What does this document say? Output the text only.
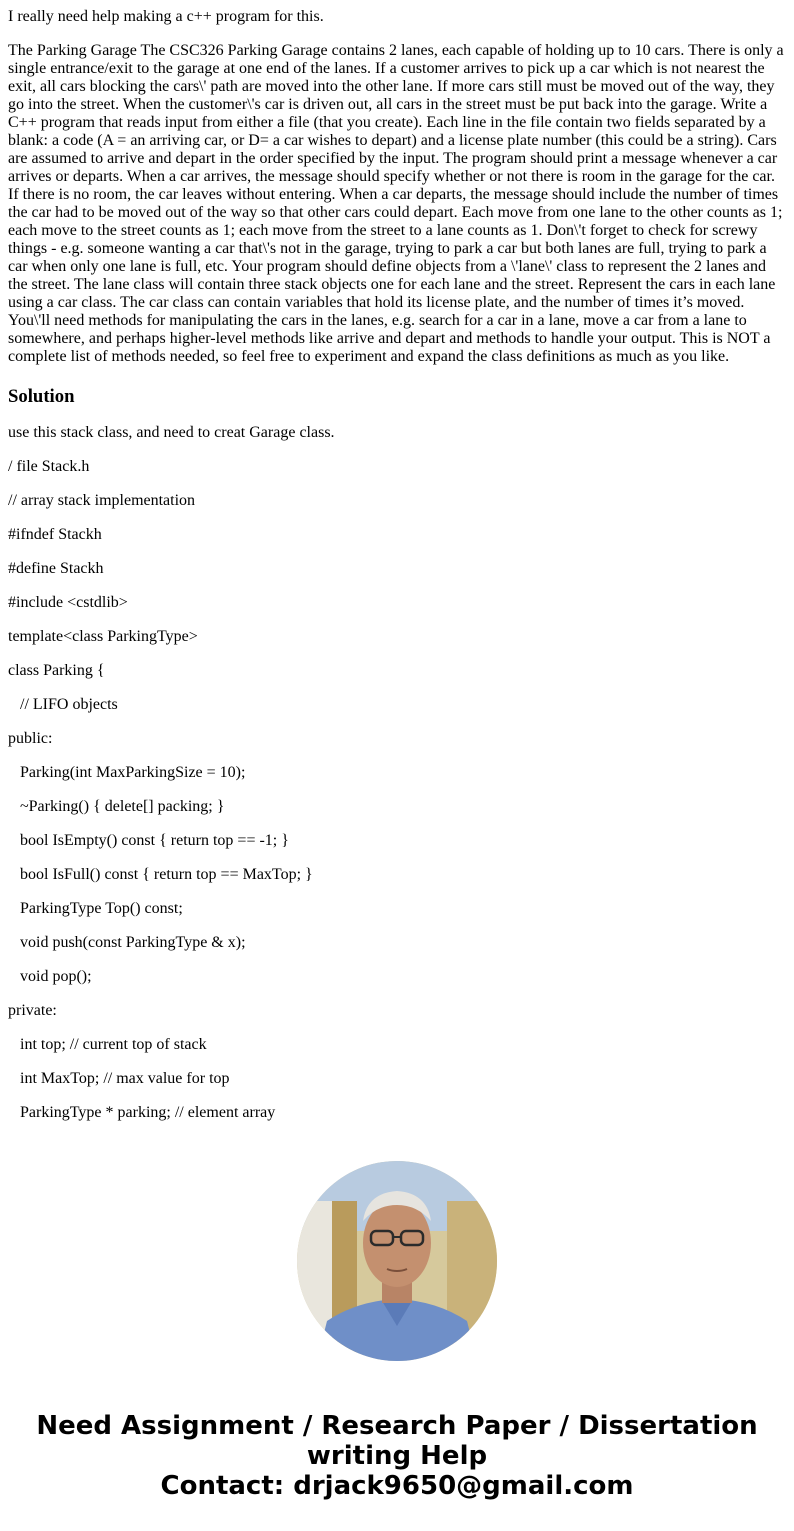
I really need help making a c++ program for this.

The Parking Garage The CSC326 Parking Garage contains 2 lanes, each capable of holding up to 10 cars. There is only a single entrance/exit to the garage at one end of the lanes. If a customer arrives to pick up a car which is not nearest the exit, all cars blocking the cars\' path are moved into the other lane. If more cars still must be moved out of the way, they go into the street. When the customer\'s car is driven out, all cars in the street must be put back into the garage. Write a C++ program that reads input from either a file (that you create). Each line in the file contain two fields separated by a blank: a code (A = an arriving car, or D= a car wishes to depart) and a license plate number (this could be a string). Cars are assumed to arrive and depart in the order specified by the input. The program should print a message whenever a car arrives or departs. When a car arrives, the message should specify whether or not there is room in the garage for the car. If there is no room, the car leaves without entering. When a car departs, the message should include the number of times the car had to be moved out of the way so that other cars could depart. Each move from one lane to the other counts as 1; each move to the street counts as 1; each move from the street to a lane counts as 1. Don\'t forget to check for screwy things - e.g. someone wanting a car that\'s not in the garage, trying to park a car but both lanes are full, trying to park a car when only one lane is full, etc. Your program should define objects from a \'lane\' class to represent the 2 lanes and the street. The lane class will contain three stack objects one for each lane and the street. Represent the cars in each lane using a car class. The car class can contain variables that hold its license plate, and the number of times it’s moved. You\'ll need methods for manipulating the cars in the lanes, e.g. search for a car in a lane, move a car from a lane to somewhere, and perhaps higher-level methods like arrive and depart and methods to handle your output. This is NOT a complete list of methods needed, so feel free to experiment and expand the class definitions as much as you like.

Solution

use this stack class, and need to creat Garage class.

/ file Stack.h

// array stack implementation

#ifndef Stackh

#define Stackh

#include <cstdlib>

template<class ParkingType>

class Parking {

// LIFO objects

public:

Parking(int MaxParkingSize = 10);

~Parking() { delete[] packing; }

bool IsEmpty() const { return top == -1; }

bool IsFull() const { return top == MaxTop; }

ParkingType Top() const;

void push(const ParkingType & x);

void pop();

private:

int top; // current top of stack

int MaxTop; // max value for top

ParkingType * parking; // element array

Need Assignment / Research Paper / Dissertation
writing Help
Contact: drjack9650@gmail.com
